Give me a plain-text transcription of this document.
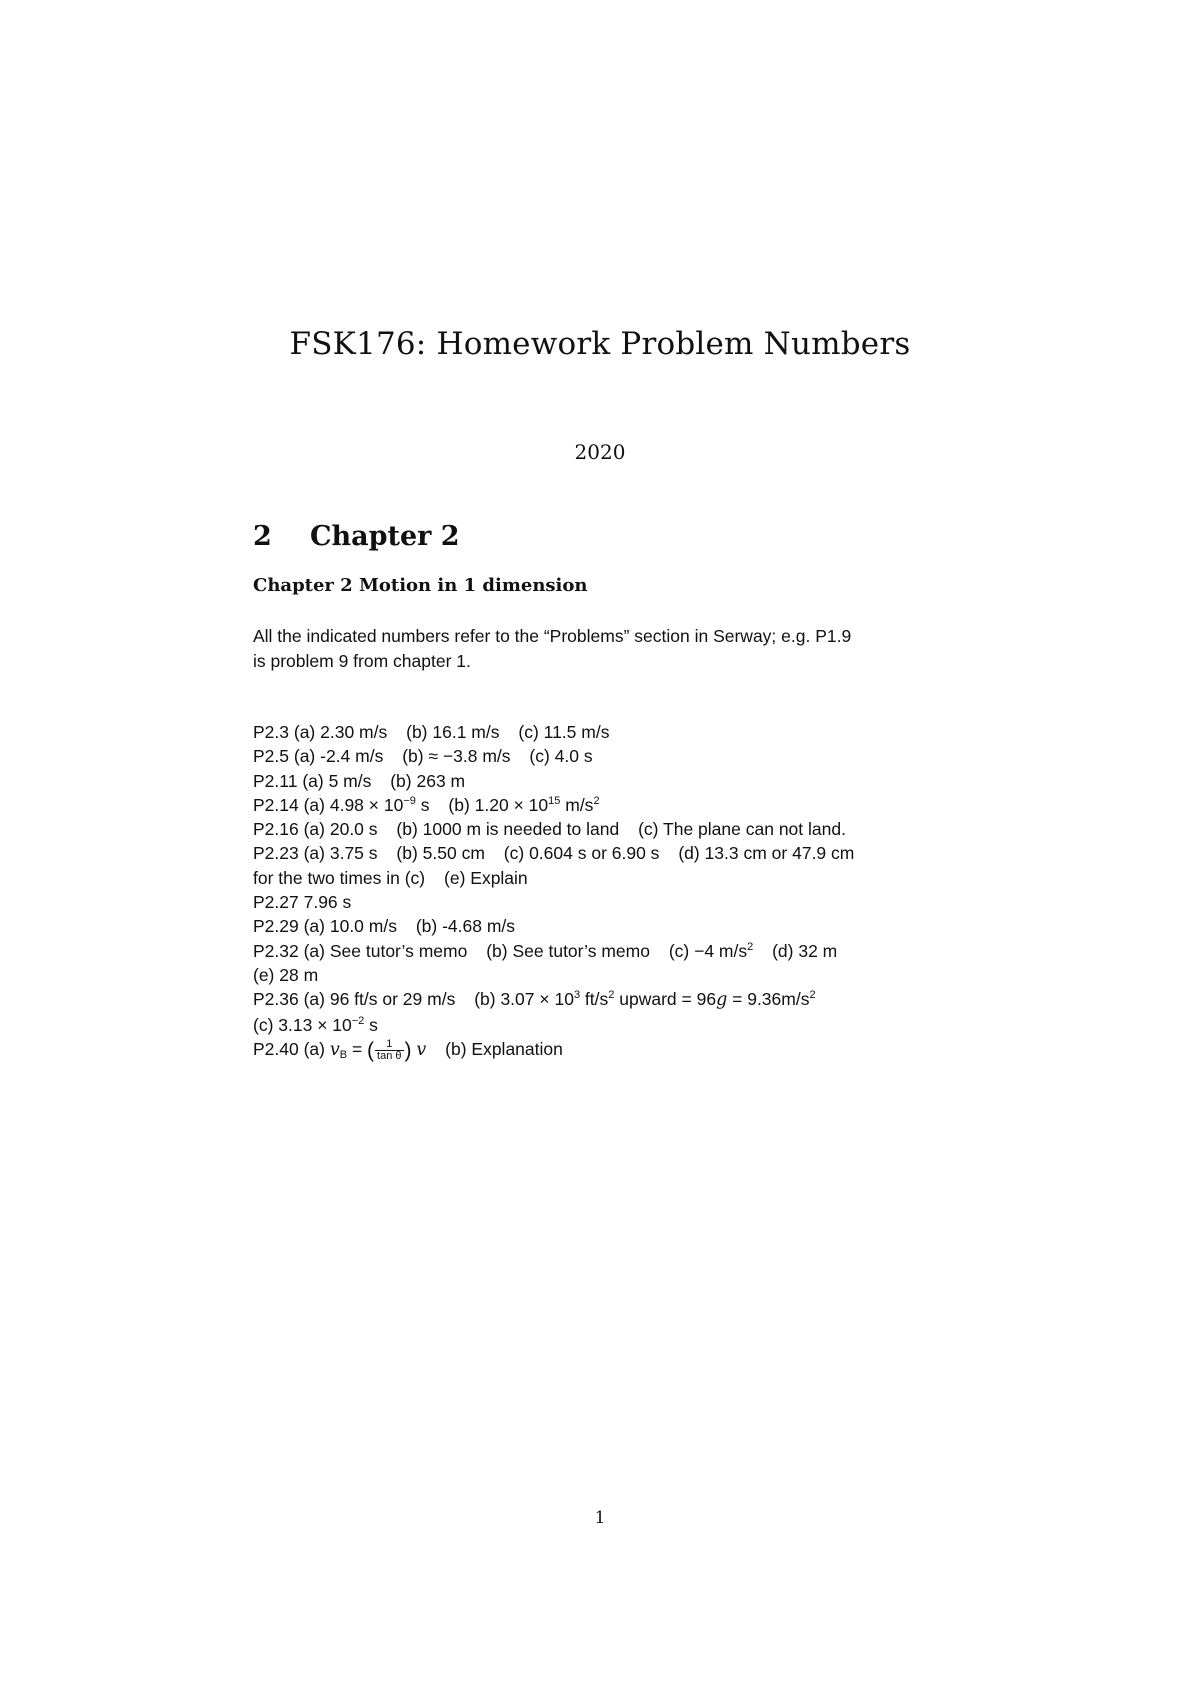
FSK176: Homework Problem Numbers
2020
2 Chapter 2
Chapter 2 Motion in 1 dimension
All the indicated numbers refer to the “Problems” section in Serway; e.g. P1.9
is problem 9 from chapter 1.
P2.3 (a) 2.30 m/s (b) 16.1 m/s (c) 11.5 m/s
P2.5 (a) -2.4 m/s (b) ≈ −3.8 m/s (c) 4.0 s
P2.11 (a) 5 m/s (b) 263 m
P2.14 (a) $4.98 \times 10^{-9}$ s (b) $1.20 \times 10^{15}$ $m/s^2$
P2.16 (a) 20.0 s (b) 1000 m is needed to land (c) The plane can not land.
P2.23 (a) 3.75 s (b) 5.50 cm (c) 0.604 s or 6.90 s (d) 13.3 cm or 47.9 cm
for the two times in (c) (e) Explain
P2.27 7.96 s
P2.29 (a) 10.0 m/s (b) -4.68 m/s
P2.32 (a) See tutor’s memo (b) See tutor’s memo (c) −4 $m/s^2$ (d) 32 m
(e) 28 m
P2.36 (a) 96 ft/s or 29 m/s (b) $3.07 \times 10^3$ $ft/s^2$ upward = $96g = 9.36m/s^2$
(c) $3.13 \times 10^{-2}$ s
P2.40 (a) $v_B$ = ( $\frac{1}{\text{tan θ}}$ ) v (b) Explanation
1
